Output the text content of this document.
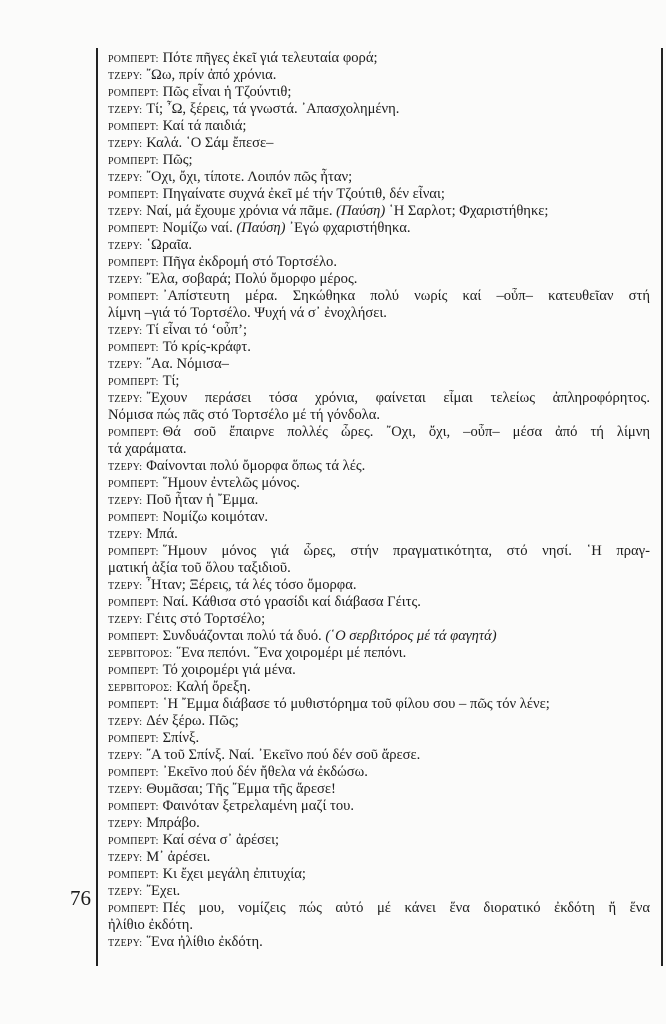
76
ΡΟΜΠΕΡΤ: Πότε πῆγες ἐκεῖ γιά τελευταία φορά;
ΤΖΕΡΥ: ῎Ωω, πρίν ἀπό χρόνια.
ΡΟΜΠΕΡΤ: Πῶς εἶναι ἡ Τζούντιθ;
ΤΖΕΡΥ: Τί; ῏Ω, ξέρεις, τά γνωστά. ᾽Απασχολημένη.
ΡΟΜΠΕΡΤ: Καί τά παιδιά;
ΤΖΕΡΥ: Καλά. ῾Ο Σάμ ἔπεσε–
ΡΟΜΠΕΡΤ: Πῶς;
ΤΖΕΡΥ: ῎Οχι, ὄχι, τίποτε. Λοιπόν πῶς ἦταν;
ΡΟΜΠΕΡΤ: Πηγαίνατε συχνά ἐκεῖ μέ τήν Τζούτιθ, δέν εἶναι;
ΤΖΕΡΥ: Ναί, μά ἔχουμε χρόνια νά πᾶμε. (Παύση) ῾Η Σαρλοτ; Φχαριστήθηκε;
ΡΟΜΠΕΡΤ: Νομίζω ναί. (Παύση) ᾽Εγώ φχαριστήθηκα.
ΤΖΕΡΥ: ῾Ωραῖα.
ΡΟΜΠΕΡΤ: Πῆγα ἐκδρομή στό Τορτσέλο.
ΤΖΕΡΥ: ῎Ελα, σοβαρά; Πολύ ὄμορφο μέρος.
ΡΟΜΠΕΡΤ: ᾽Απίστευτη μέρα. Σηκώθηκα πολύ νωρίς καί –οὖπ– κατευθεῖαν στή
λίμνη –γιά τό Τορτσέλο. Ψυχή νά σ᾽ ἐνοχλήσει.
ΤΖΕΡΥ: Τί εἶναι τό ‘οὖπ’;
ΡΟΜΠΕΡΤ: Τό κρίς-κράφτ.
ΤΖΕΡΥ: ῎Αα. Νόμισα–
ΡΟΜΠΕΡΤ: Τί;
ΤΖΕΡΥ: ῎Εχουν περάσει τόσα χρόνια, φαίνεται εἶμαι τελείως ἀπληροφόρητος.
Νόμισα πώς πᾶς στό Τορτσέλο μέ τή γόνδολα.
ΡΟΜΠΕΡΤ: Θά σοῦ ἔπαιρνε πολλές ὧρες. ῎Οχι, ὄχι, –οὖπ– μέσα ἀπό τή λίμνη
τά χαράματα.
ΤΖΕΡΥ: Φαίνονται πολύ ὄμορφα ὅπως τά λές.
ΡΟΜΠΕΡΤ: ῞Ημουν ἐντελῶς μόνος.
ΤΖΕΡΥ: Ποῦ ἦταν ἡ ῎Εμμα.
ΡΟΜΠΕΡΤ: Νομίζω κοιμόταν.
ΤΖΕΡΥ: Μπά.
ΡΟΜΠΕΡΤ: ῞Ημουν μόνος γιά ὧρες, στήν πραγματικότητα, στό νησί. ῾Η πραγ-
ματική ἀξία τοῦ ὅλου ταξιδιοῦ.
ΤΖΕΡΥ: ῏Ηταν; Ξέρεις, τά λές τόσο ὄμορφα.
ΡΟΜΠΕΡΤ: Ναί. Κάθισα στό γρασίδι καί διάβασα Γέιτς.
ΤΖΕΡΥ: Γέιτς στό Τορτσέλο;
ΡΟΜΠΕΡΤ: Συνδυάζονται πολύ τά δυό. (῾Ο σερβιτόρος μέ τά φαγητά)
ΣΕΡΒΙΤΟΡΟΣ: ῞Ενα πεπόνι. ῞Ενα χοιρομέρι μέ πεπόνι.
ΡΟΜΠΕΡΤ: Τό χοιρομέρι γιά μένα.
ΣΕΡΒΙΤΟΡΟΣ: Καλή ὄρεξη.
ΡΟΜΠΕΡΤ: ῾Η ῎Εμμα διάβασε τό μυθιστόρημα τοῦ φίλου σου – πῶς τόν λένε;
ΤΖΕΡΥ: Δέν ξέρω. Πῶς;
ΡΟΜΠΕΡΤ: Σπίνξ.
ΤΖΕΡΥ: ῎Α τοῦ Σπίνξ. Ναί. ᾽Εκεῖνο πού δέν σοῦ ἄρεσε.
ΡΟΜΠΕΡΤ: ᾽Εκεῖνο πού δέν ἤθελα νά ἐκδώσω.
ΤΖΕΡΥ: Θυμᾶσαι; Τῆς ῎Εμμα τῆς ἄρεσε!
ΡΟΜΠΕΡΤ: Φαινόταν ξετρελαμένη μαζί του.
ΤΖΕΡΥ: Μπράβο.
ΡΟΜΠΕΡΤ: Καί σένα σ᾽ ἀρέσει;
ΤΖΕΡΥ: Μ᾽ ἀρέσει.
ΡΟΜΠΕΡΤ: Κι ἔχει μεγάλη ἐπιτυχία;
ΤΖΕΡΥ: ῎Εχει.
ΡΟΜΠΕΡΤ: Πές μου, νομίζεις πώς αὐτό μέ κάνει ἕνα διορατικό ἐκδότη ἤ ἕνα
ἠλίθιο ἐκδότη.
ΤΖΕΡΥ: ῞Ενα ἠλίθιο ἐκδότη.
